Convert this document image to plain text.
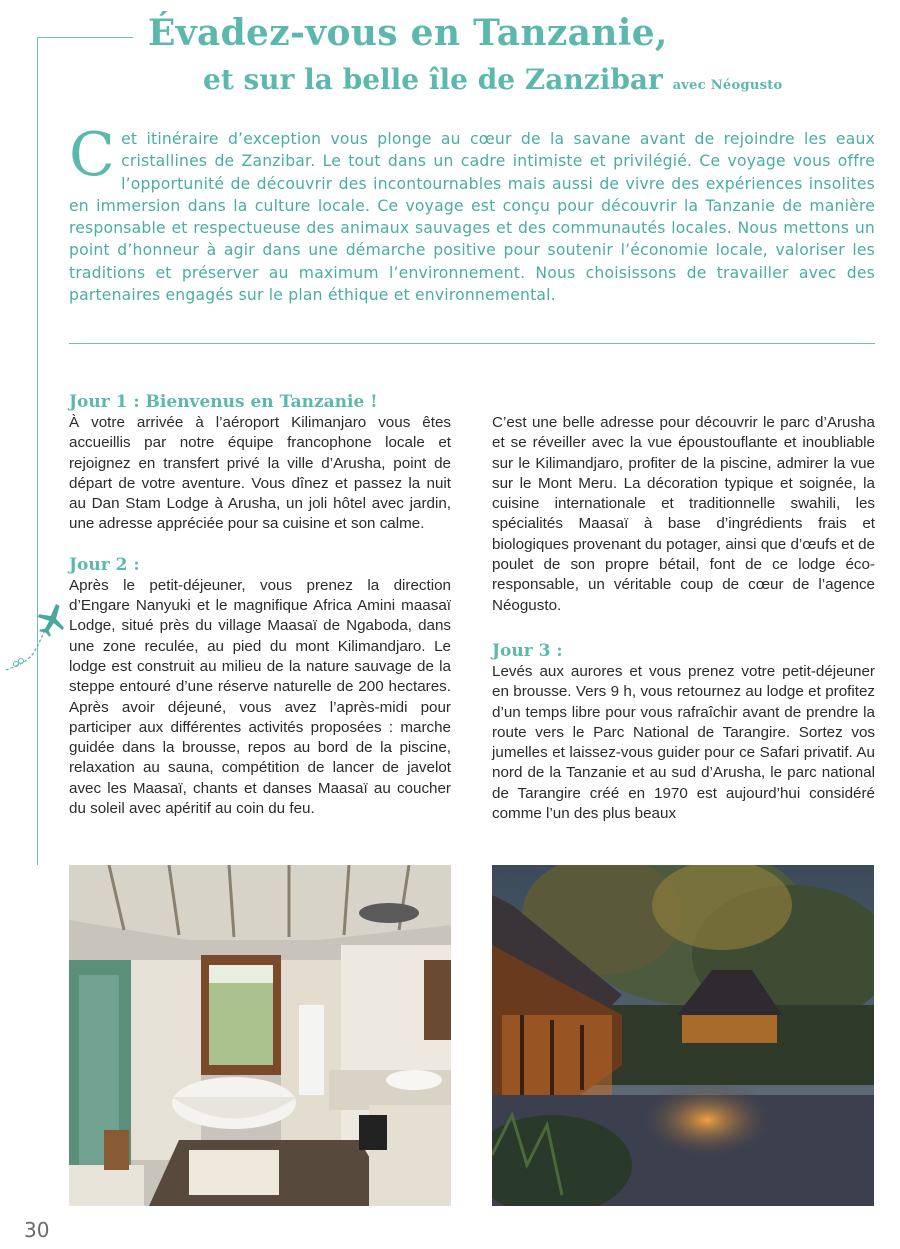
Évadez-vous en Tanzanie,
et sur la belle île de Zanzibar avec Néogusto
Cet itinéraire d’exception vous plonge au cœur de la savane avant de rejoindre les eaux cristallines de Zanzibar. Le tout dans un cadre intimiste et privilégié. Ce voyage vous offre l’opportunité de découvrir des incontournables mais aussi de vivre des expériences insolites en immersion dans la culture locale. Ce voyage est conçu pour découvrir la Tanzanie de manière responsable et respectueuse des animaux sauvages et des communautés locales. Nous mettons un point d’honneur à agir dans une démarche positive pour soutenir l’économie locale, valoriser les traditions et préserver au maximum l’environnement. Nous choisissons de travailler avec des partenaires engagés sur le plan éthique et environnemental.
Jour 1 : Bienvenus en Tanzanie !

À votre arrivée à l’aéroport Kilimanjaro vous êtes accueillis par notre équipe francophone locale et rejoignez en transfert privé la ville d’Arusha, point de départ de votre aventure. Vous dînez et passez la nuit au Dan Stam Lodge à Arusha, un joli hôtel avec jardin, une adresse appréciée pour sa cuisine et son calme.

Jour 2 :

Après le petit-déjeuner, vous prenez la direction d’Engare Nanyuki et le magnifique Africa Amini maasaï Lodge, situé près du village Maasaï de Ngaboda, dans une zone reculée, au pied du mont Kilimandjaro. Le lodge est construit au milieu de la nature sauvage de la steppe entouré d’une réserve naturelle de 200 hectares. Après avoir déjeuné, vous avez l’après-midi pour participer aux différentes activités proposées : marche guidée dans la brousse, repos au bord de la piscine, relaxation au sauna, compétition de lancer de javelot avec les Maasaï, chants et danses Maasaï au coucher du soleil avec apéritif au coin du feu.

C’est une belle adresse pour découvrir le parc d’Arusha et se réveiller avec la vue époustouflante et inoubliable sur le Kilimandjaro, profiter de la piscine, admirer la vue sur le Mont Meru. La décoration typique et soignée, la cuisine internationale et traditionnelle swahili, les spécialités Maasaï à base d’ingrédients frais et biologiques provenant du potager, ainsi que d’œufs et de poulet de son propre bétail, font de ce lodge éco-responsable, un véritable coup de cœur de l’agence Néogusto.

Jour 3 :

Levés aux aurores et vous prenez votre petit-déjeuner en brousse. Vers 9 h, vous retournez au lodge et profitez d’un temps libre pour vous rafraîchir avant de prendre la route vers le Parc National de Tarangire. Sortez vos jumelles et laissez-vous guider pour ce Safari privatif. Au nord de la Tanzanie et au sud d’Arusha, le parc national de Tarangire créé en 1970 est aujourd’hui considéré comme l’un des plus beaux

30
